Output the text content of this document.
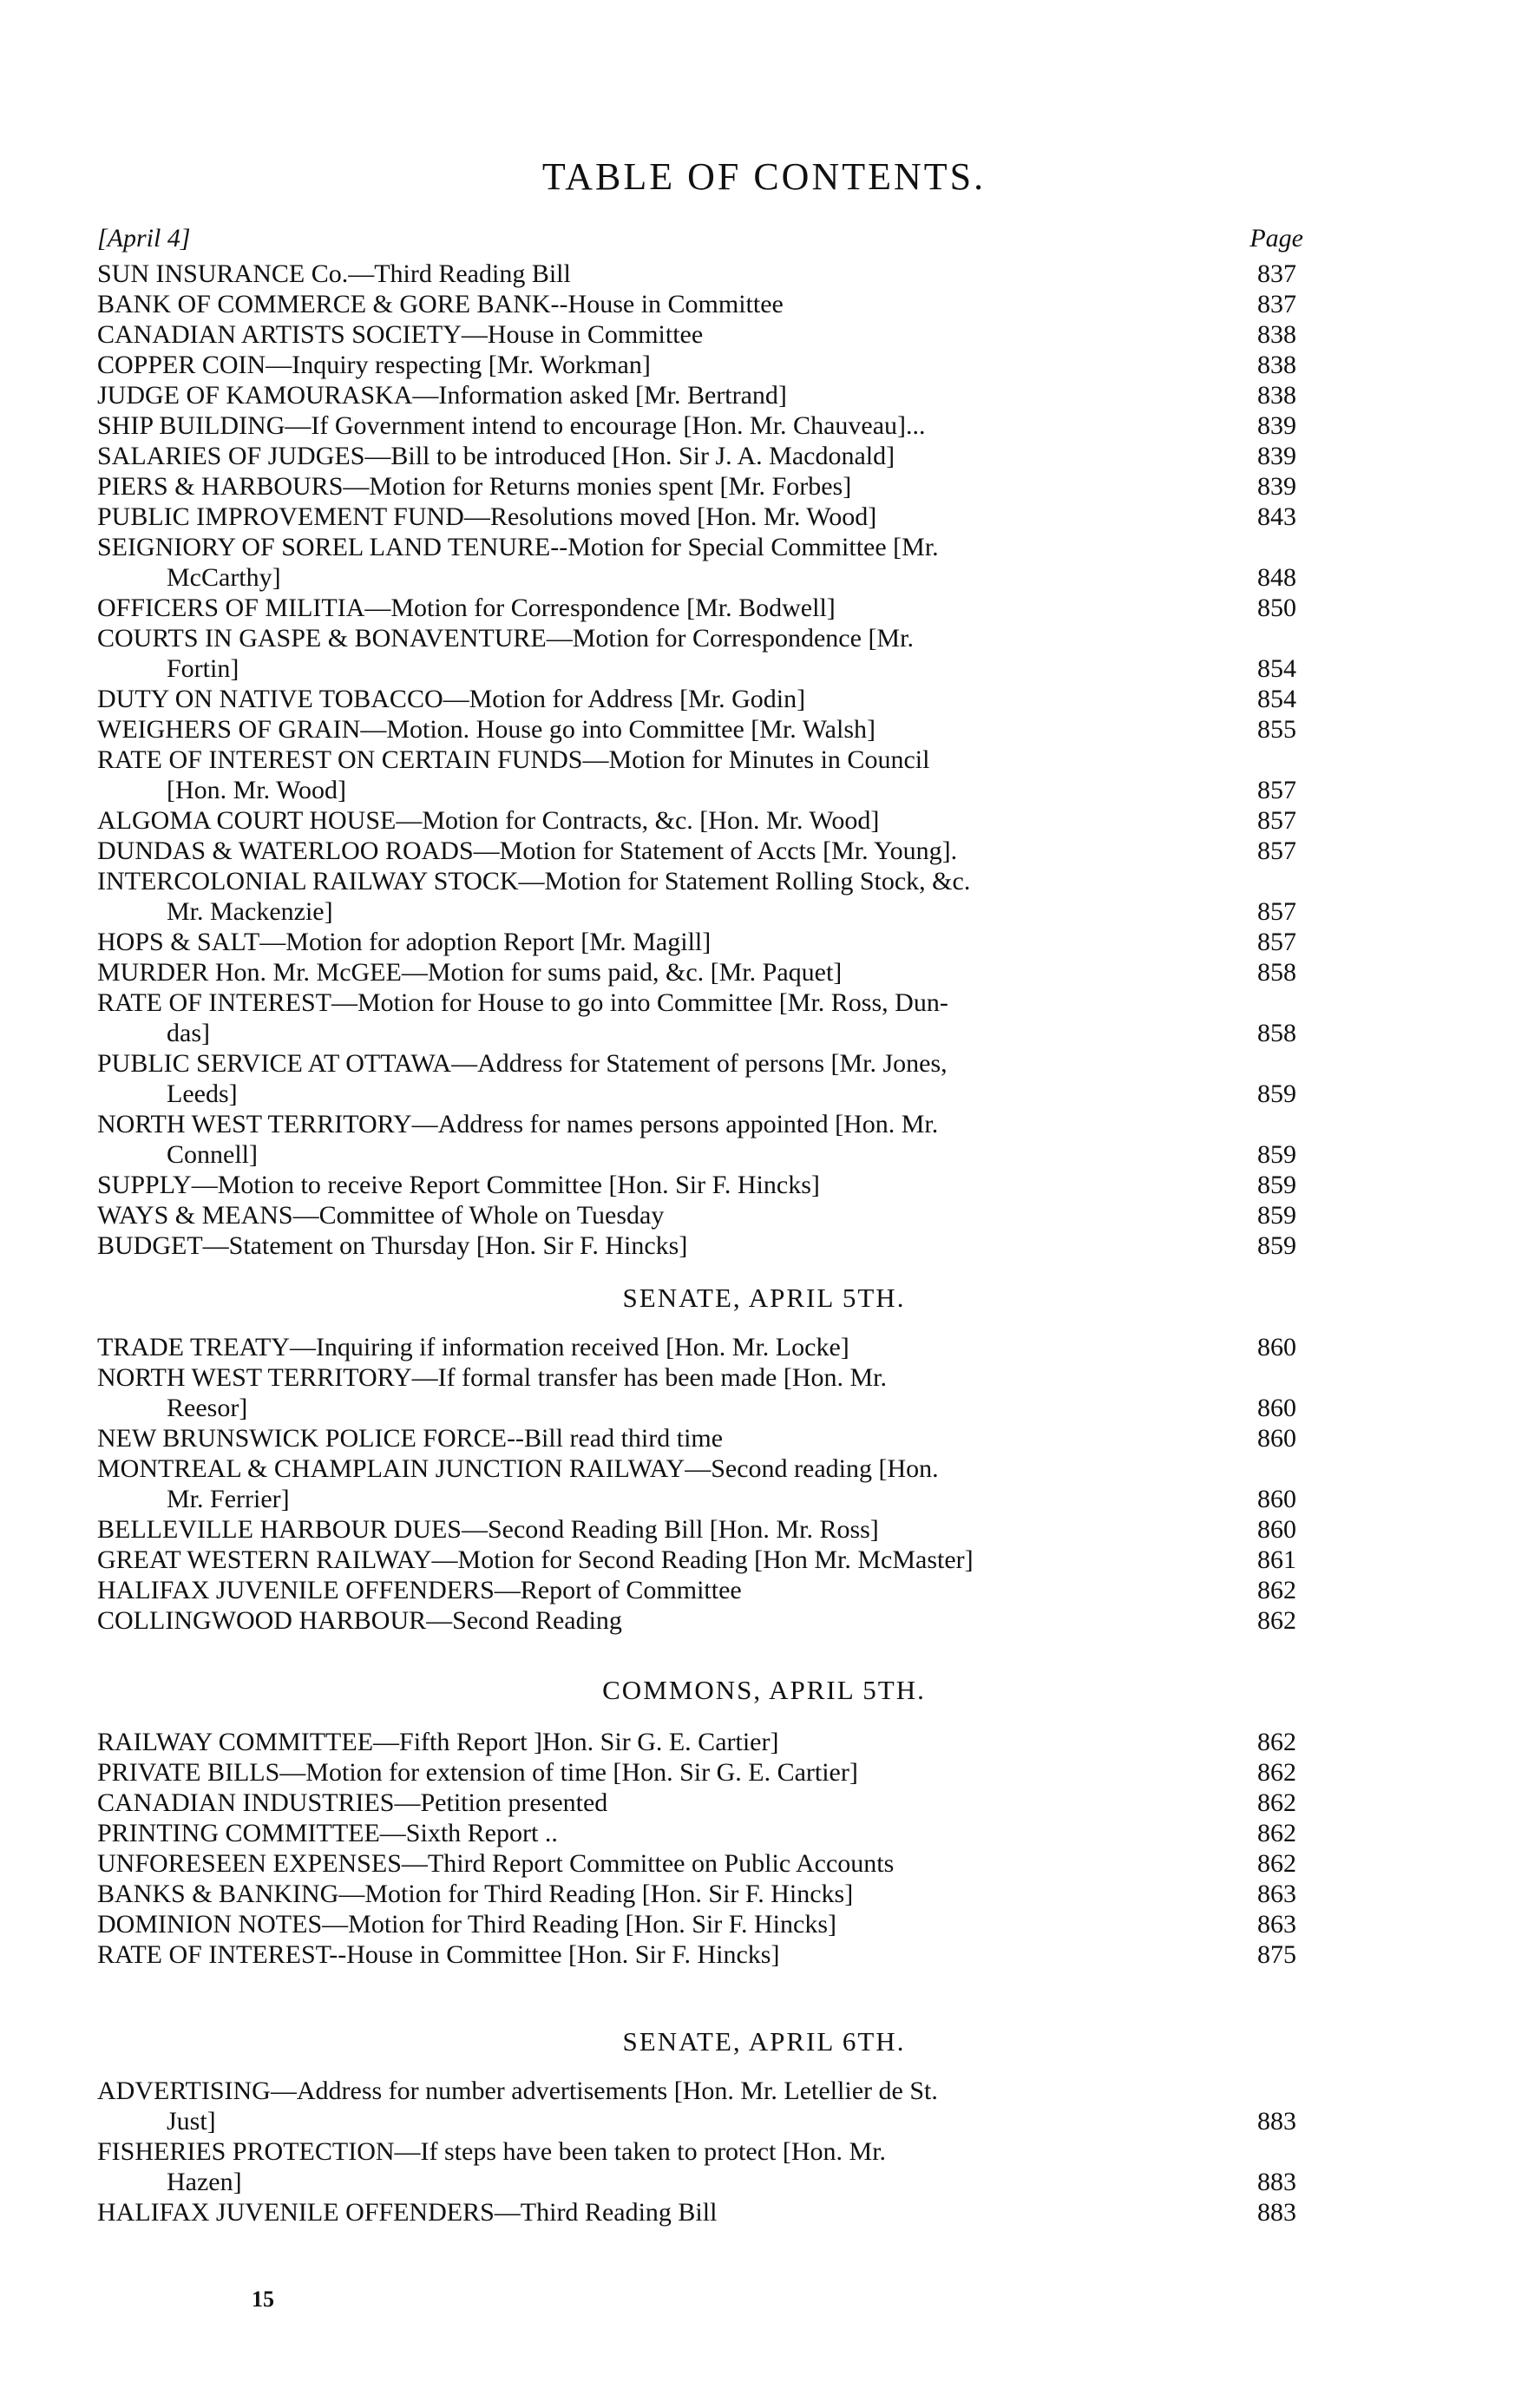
TABLE OF CONTENTS.
[April 4]	Page
SUN INSURANCE Co.—Third Reading Bill	837
BANK OF COMMERCE & GORE BANK--House in Committee	837
CANADIAN ARTISTS SOCIETY—House in Committee	838
COPPER COIN—Inquiry respecting [Mr. Workman]	838
JUDGE OF KAMOURASKA—Information asked [Mr. Bertrand]	838
SHIP BUILDING—If Government intend to encourage [Hon. Mr. Chauveau]...	839
SALARIES OF JUDGES—Bill to be introduced [Hon. Sir J. A. Macdonald]	839
PIERS & HARBOURS—Motion for Returns monies spent [Mr. Forbes]	839
PUBLIC IMPROVEMENT FUND—Resolutions moved [Hon. Mr. Wood]	843
SEIGNIORY OF SOREL LAND TENURE--Motion for Special Committee [Mr.
McCarthy]	848
OFFICERS OF MILITIA—Motion for Correspondence [Mr. Bodwell]	850
COURTS IN GASPE & BONAVENTURE—Motion for Correspondence [Mr.
Fortin]	854
DUTY ON NATIVE TOBACCO—Motion for Address [Mr. Godin]	854
WEIGHERS OF GRAIN—Motion. House go into Committee [Mr. Walsh]	855
RATE OF INTEREST ON CERTAIN FUNDS—Motion for Minutes in Council
[Hon. Mr. Wood]	857
ALGOMA COURT HOUSE—Motion for Contracts, &c. [Hon. Mr. Wood]	857
DUNDAS & WATERLOO ROADS—Motion for Statement of Accts [Mr. Young].	857
INTERCOLONIAL RAILWAY STOCK—Motion for Statement Rolling Stock, &c.
Mr. Mackenzie]	857
HOPS & SALT—Motion for adoption Report [Mr. Magill]	857
MURDER Hon. Mr. McGEE—Motion for sums paid, &c. [Mr. Paquet]	858
RATE OF INTEREST—Motion for House to go into Committee [Mr. Ross, Dun-
das]	858
PUBLIC SERVICE AT OTTAWA—Address for Statement of persons [Mr. Jones,
Leeds]	859
NORTH WEST TERRITORY—Address for names persons appointed [Hon. Mr.
Connell]	859
SUPPLY—Motion to receive Report Committee [Hon. Sir F. Hincks]	859
WAYS & MEANS—Committee of Whole on Tuesday	859
BUDGET—Statement on Thursday [Hon. Sir F. Hincks]	859
SENATE, APRIL 5TH.
TRADE TREATY—Inquiring if information received [Hon. Mr. Locke]	860
NORTH WEST TERRITORY—If formal transfer has been made [Hon. Mr.
Reesor]	860
NEW BRUNSWICK POLICE FORCE--Bill read third time	860
MONTREAL & CHAMPLAIN JUNCTION RAILWAY—Second reading [Hon.
Mr. Ferrier]	860
BELLEVILLE HARBOUR DUES—Second Reading Bill [Hon. Mr. Ross]	860
GREAT WESTERN RAILWAY—Motion for Second Reading [Hon Mr. McMaster]	861
HALIFAX JUVENILE OFFENDERS—Report of Committee	862
COLLINGWOOD HARBOUR—Second Reading	862
COMMONS, APRIL 5TH.
RAILWAY COMMITTEE—Fifth Report ]Hon. Sir G. E. Cartier]	862
PRIVATE BILLS—Motion for extension of time [Hon. Sir G. E. Cartier]	862
CANADIAN INDUSTRIES—Petition presented	862
PRINTING COMMITTEE—Sixth Report ..	862
UNFORESEEN EXPENSES—Third Report Committee on Public Accounts	862
BANKS & BANKING—Motion for Third Reading [Hon. Sir F. Hincks]	863
DOMINION NOTES—Motion for Third Reading [Hon. Sir F. Hincks]	863
RATE OF INTEREST--House in Committee [Hon. Sir F. Hincks]	875
SENATE, APRIL 6TH.
ADVERTISING—Address for number advertisements [Hon. Mr. Letellier de St.
Just]	883
FISHERIES PROTECTION—If steps have been taken to protect [Hon. Mr.
Hazen]	883
HALIFAX JUVENILE OFFENDERS—Third Reading Bill	883
15
